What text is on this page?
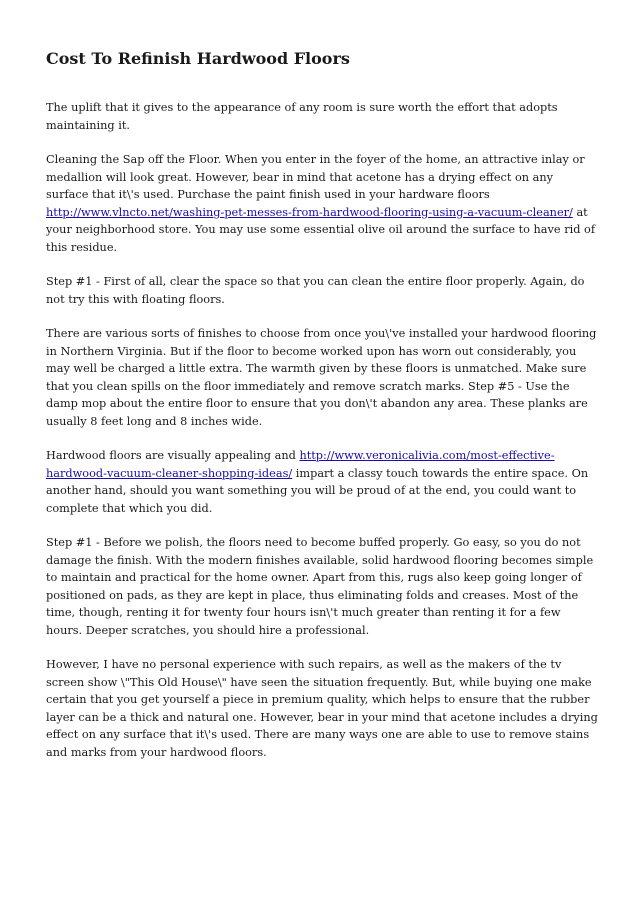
Cost To Refinish Hardwood Floors

The uplift that it gives to the appearance of any room is sure worth the effort that adopts maintaining it.

Cleaning the Sap off the Floor. When you enter in the foyer of the home, an attractive inlay or medallion will look great. However, bear in mind that acetone has a drying effect on any surface that it\'s used. Purchase the paint finish used in your hardware floors http://www.vlncto.net/washing-pet-messes-from-hardwood-flooring-using-a-vacuum-cleaner/ at your neighborhood store. You may use some essential olive oil around the surface to have rid of this residue.

Step #1 - First of all, clear the space so that you can clean the entire floor properly. Again, do not try this with floating floors.

There are various sorts of finishes to choose from once you\'ve installed your hardwood flooring in Northern Virginia. But if the floor to become worked upon has worn out considerably, you may well be charged a little extra. The warmth given by these floors is unmatched. Make sure that you clean spills on the floor immediately and remove scratch marks. Step #5 - Use the damp mop about the entire floor to ensure that you don\'t abandon any area. These planks are usually 8 feet long and 8 inches wide.

Hardwood floors are visually appealing and http://www.veronicalivia.com/most-effective-hardwood-vacuum-cleaner-shopping-ideas/ impart a classy touch towards the entire space. On another hand, should you want something you will be proud of at the end, you could want to complete that which you did.

Step #1 - Before we polish, the floors need to become buffed properly. Go easy, so you do not damage the finish. With the modern finishes available, solid hardwood flooring becomes simple to maintain and practical for the home owner. Apart from this, rugs also keep going longer of positioned on pads, as they are kept in place, thus eliminating folds and creases. Most of the time, though, renting it for twenty four hours isn\'t much greater than renting it for a few hours. Deeper scratches, you should hire a professional.

However, I have no personal experience with such repairs, as well as the makers of the tv screen show \"This Old House\" have seen the situation frequently. But, while buying one make certain that you get yourself a piece in premium quality, which helps to ensure that the rubber layer can be a thick and natural one. However, bear in your mind that acetone includes a drying effect on any surface that it\'s used. There are many ways one are able to use to remove stains and marks from your hardwood floors.
